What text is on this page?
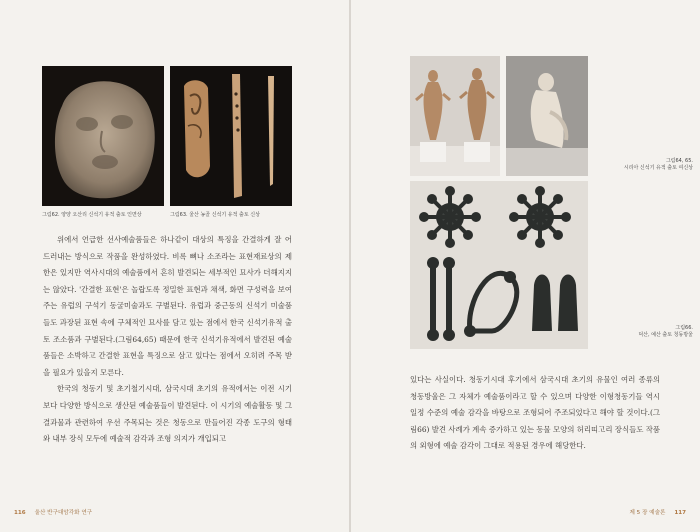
그림62. 양양 오산리 신석기 유적 출토 인면상	그림63. 울산 농골 신석기 유적 출토 신상

위에서 언급한 선사예술품들은 하나같이 대상의 특징을 간결하게 잘 어 드러내는 방식으로 작품을 완성하였다. 비록 뼈나 소조라는 표현재료상의 제한은 있지만 역사시대의 예술품에서 흔히 발견되는 세부적인 묘사가 더해지지는 않았다. '간결한 표현'은 놀랍도록 정밀한 표현과 채색, 화면 구성력을 보여주는 유럽의 구석기 동굴미술과도 구별된다. 유럽과 중근동의 신석기 미술품들도 과장된 표현 속에 구체적인 묘사를 담고 있는 점에서 한국 신석기유적 출토 조소품과 구별된다.(그림64,65) 때문에 한국 신석기유적에서 발견된 예술품들은 소박하고 간결한 표현을 특징으로 삼고 있다는 점에서 오히려 주목 받을 필요가 있을지 모른다.

한국의 청동기 및 초기철기시대, 삼국시대 초기의 유적에서는 이전 시기보다 다양한 방식으로 생산된 예술품들이 발견된다. 이 시기의 예술활동 및 그 결과물과 관련하여 우선 주목되는 것은 청동으로 만들어진 각종 도구의 형태와 내부 장식 모두에 예술적 감각과 조형 의지가 개입되고

116 울산 반구대암각화 연구
그림64, 65.
시리아 신석기 유적 출토 여신상
그림66.
덕산, 예산 출토 청동방울

있다는 사실이다. 청동기시대 후기에서 삼국시대 초기의 유물인 여러 종류의 청동방울은 그 자체가 예술품이라고 할 수 있으며 다양한 이형청동기들 역시 일정 수준의 예술 감각을 바탕으로 조형되어 주조되었다고 해야 할 것이다.(그림66) 발견 사례가 계속 증가하고 있는 동물 모양의 허리띠고리 장식들도 작품의 외형에 예술 감각이 그대로 적용된 경우에 해당한다.

제 5 장 예술론 117
